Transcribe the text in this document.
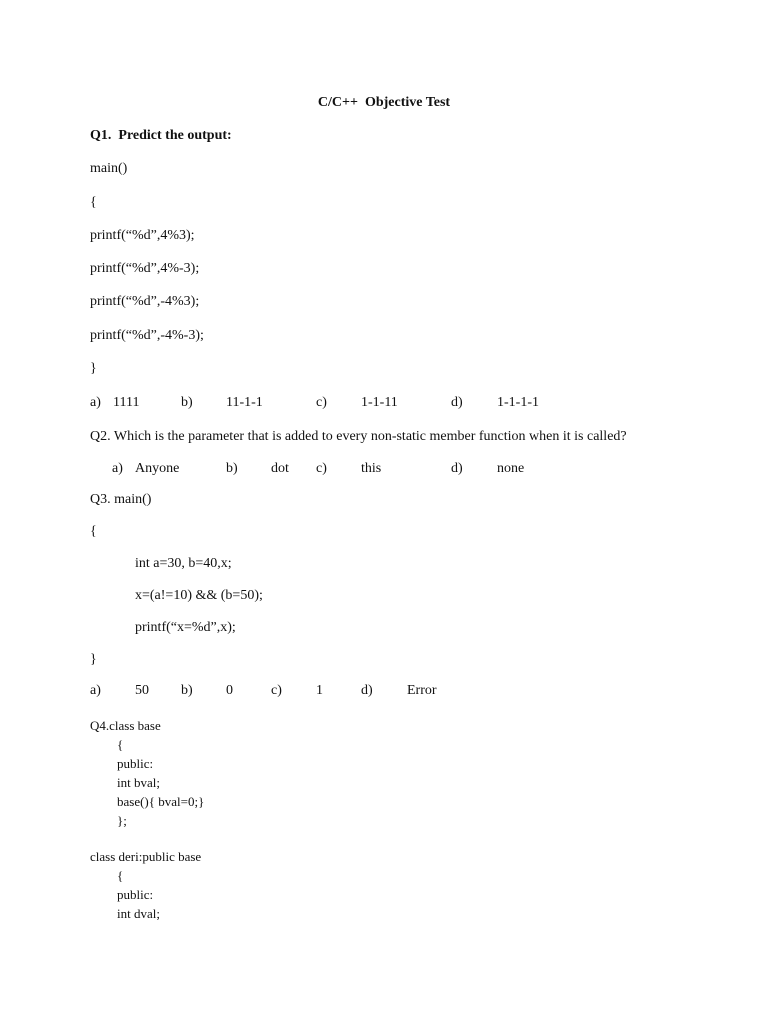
C/C++  Objective Test
Q1.  Predict the output:
main()
{
printf(“%d”,4%3);
printf(“%d”,4%-3);
printf(“%d”,-4%3);
printf(“%d”,-4%-3);
}
a) 1111	b) 11-1-1	c) 1-1-11	d) 1-1-1-1
Q2. Which is the parameter that is added to every non-static member function when it is called?
a) Anyone	b) dot c) this	d) none
Q3. main()
{
int a=30, b=40,x;
x=(a!=10) && (b=50);
printf(“x=%d”,x);
}
a) 50 b) 0	c) 1	d) Error
Q4.class base
{
public:
int bval;
base(){ bval=0;}
};
class deri:public base
{
public:
int dval;
